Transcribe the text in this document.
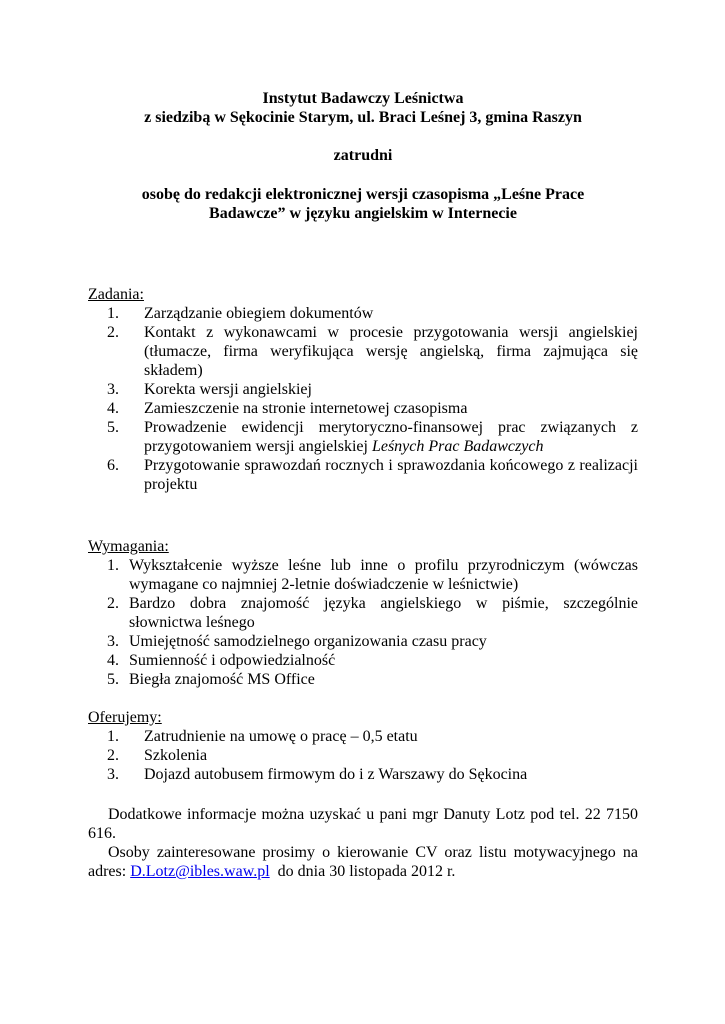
Instytut Badawczy Leśnictwa
z siedzibą w Sękocinie Starym, ul. Braci Leśnej 3, gmina Raszyn
zatrudni
osobę do redakcji elektronicznej wersji czasopisma „Leśne Prace
Badawcze” w języku angielskim w Internecie
Zadania:
1. Zarządzanie obiegiem dokumentów
2. Kontakt z wykonawcami w procesie przygotowania wersji angielskiej (tłumacze, firma weryfikująca wersję angielską, firma zajmująca się składem)
3. Korekta wersji angielskiej
4. Zamieszczenie na stronie internetowej czasopisma
5. Prowadzenie ewidencji merytoryczno-finansowej prac związanych z przygotowaniem wersji angielskiej Leśnych Prac Badawczych
6. Przygotowanie sprawozdań rocznych i sprawozdania końcowego z realizacji projektu
Wymagania:
1. Wykształcenie wyższe leśne lub inne o profilu przyrodniczym (wówczas wymagane co najmniej 2-letnie doświadczenie w leśnictwie)
2. Bardzo dobra znajomość języka angielskiego w piśmie, szczególnie słownictwa leśnego
3. Umiejętność samodzielnego organizowania czasu pracy
4. Sumienność i odpowiedzialność
5. Biegła znajomość MS Office
Oferujemy:
1. Zatrudnienie na umowę o pracę – 0,5 etatu
2. Szkolenia
3. Dojazd autobusem firmowym do i z Warszawy do Sękocina
Dodatkowe informacje można uzyskać u pani mgr Danuty Lotz pod tel. 22 7150 616.
Osoby zainteresowane prosimy o kierowanie CV oraz listu motywacyjnego na adres: D.Lotz@ibles.waw.pl  do dnia 30 listopada 2012 r.
